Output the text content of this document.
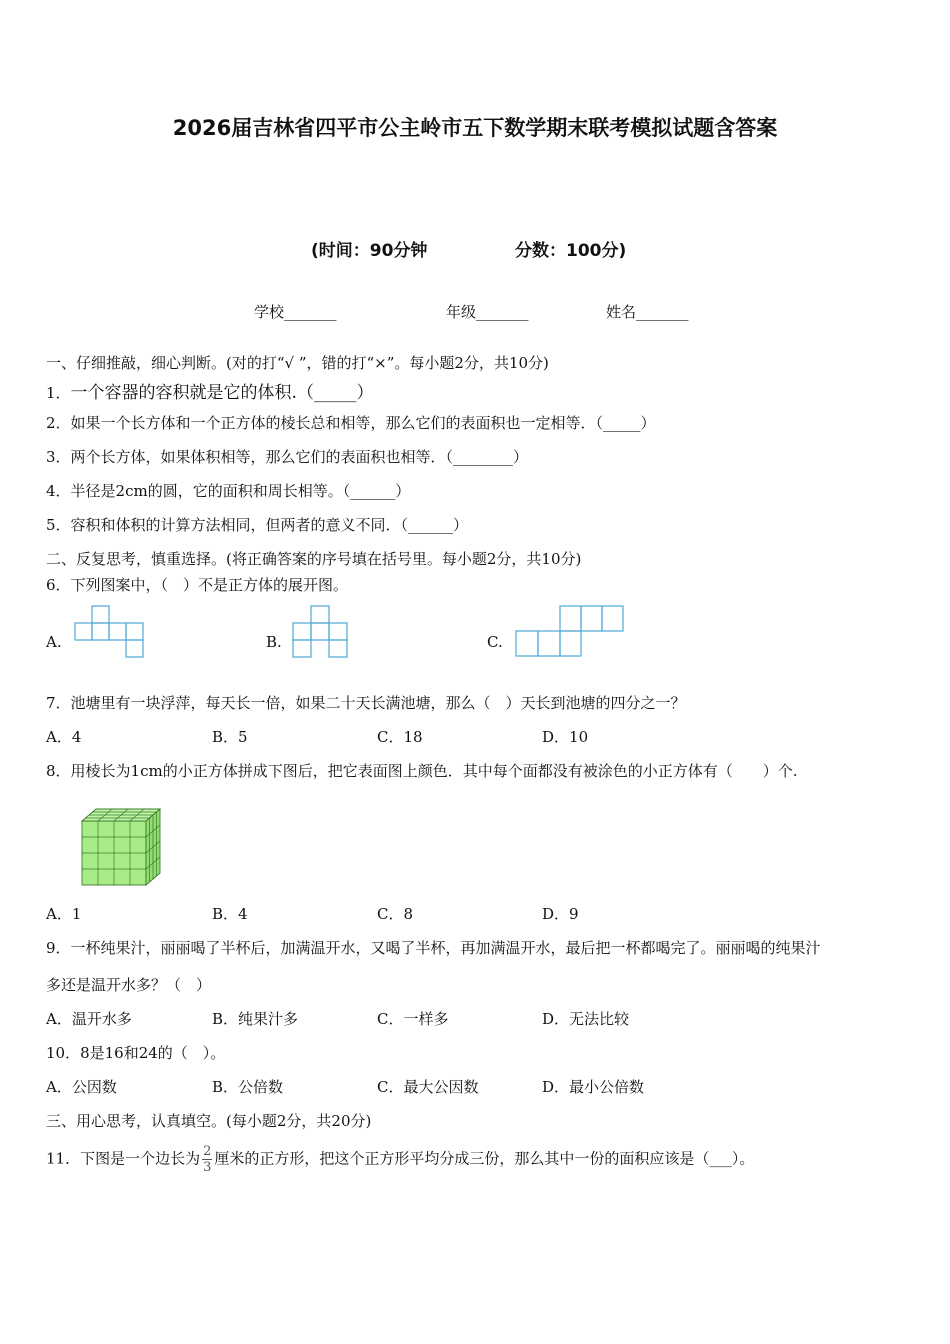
2026届吉林省四平市公主岭市五下数学期末联考模拟试题含答案
(时间：90分钟	分数：100分)
学校_______	年级_______	姓名_______
一、仔细推敲，细心判断。(对的打“√ ”，错的打“×”。每小题2分，共10分)
1．一个容器的容积就是它的体积.（_____）
2．如果一个长方体和一个正方体的棱长总和相等，那么它们的表面积也一定相等．（_____）
3．两个长方体，如果体积相等，那么它们的表面积也相等．（________）
4．半径是2cm的圆，它的面积和周长相等。（______）
5．容积和体积的计算方法相同，但两者的意义不同．（______）
二、反复思考，慎重选择。(将正确答案的序号填在括号里。每小题2分，共10分)
6．下列图案中，（　）不是正方体的展开图。
A.	B.	C.
7．池塘里有一块浮萍，每天长一倍，如果二十天长满池塘，那么（　）天长到池塘的四分之一？
A．4	B．5	C．18	D．10
8．用棱长为1cm的小正方体拼成下图后，把它表面图上颜色．其中每个面都没有被涂色的小正方体有（　　）个.
A．1	B．4	C．8	D．9
9．一杯纯果汁，丽丽喝了半杯后，加满温开水，又喝了半杯，再加满温开水，最后把一杯都喝完了。丽丽喝的纯果汁
多还是温开水多？（　）
A．温开水多	B．纯果汁多	C．一样多	D．无法比较
10．8是16和24的（　）。
A．公因数	B．公倍数	C．最大公因数	D．最小公倍数
三、用心思考，认真填空。(每小题2分，共20分)
11．下图是一个边长为 $\frac{2}{3}$ 厘米的正方形，把这个正方形平均分成三份，那么其中一份的面积应该是（___）。
